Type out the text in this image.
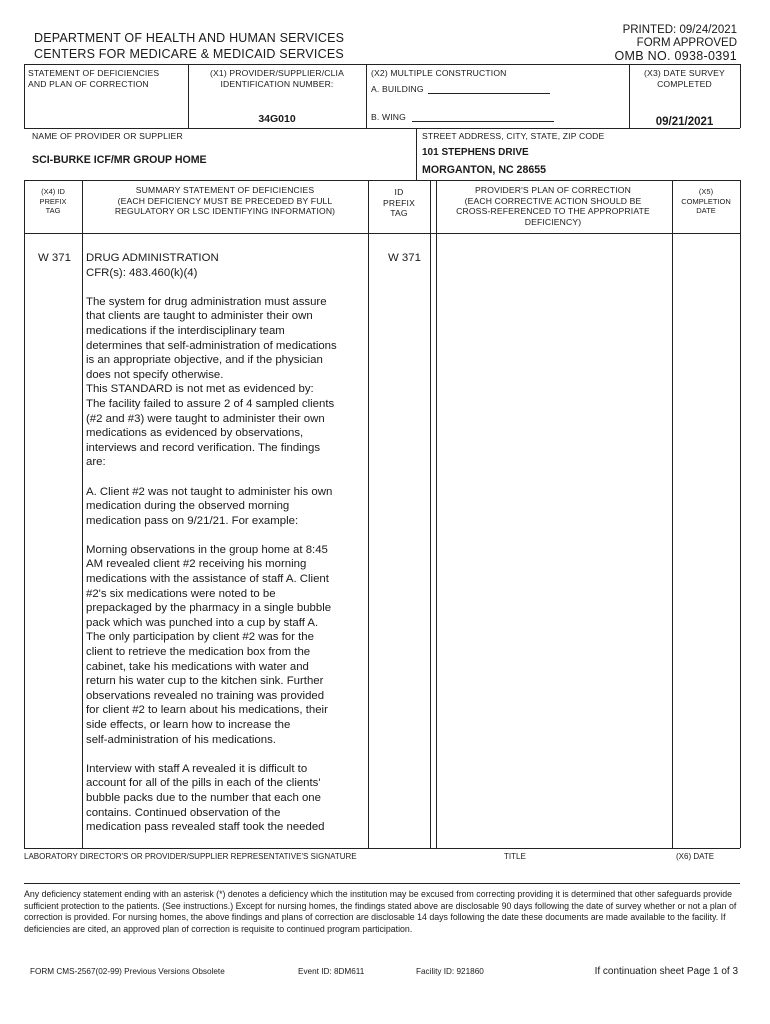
DEPARTMENT OF HEALTH AND HUMAN SERVICES
CENTERS FOR MEDICARE & MEDICAID SERVICES
PRINTED: 09/24/2021
FORM APPROVED
OMB NO. 0938-0391
STATEMENT OF DEFICIENCIES
AND PLAN OF CORRECTION
(X1) PROVIDER/SUPPLIER/CLIA
IDENTIFICATION NUMBER:
34G010
(X2) MULTIPLE CONSTRUCTION
A. BUILDING
B. WING
(X3) DATE SURVEY
COMPLETED
09/21/2021
NAME OF PROVIDER OR SUPPLIER
SCI-BURKE ICF/MR GROUP HOME
STREET ADDRESS, CITY, STATE, ZIP CODE
101 STEPHENS DRIVE
MORGANTON, NC 28655
(X4) ID
PREFIX
TAG
SUMMARY STATEMENT OF DEFICIENCIES
(EACH DEFICIENCY MUST BE PRECEDED BY FULL
REGULATORY OR LSC IDENTIFYING INFORMATION)
ID
PREFIX
TAG
PROVIDER'S PLAN OF CORRECTION
(EACH CORRECTIVE ACTION SHOULD BE
CROSS-REFERENCED TO THE APPROPRIATE
DEFICIENCY)
(X5)
COMPLETION
DATE
W 371	W 371
DRUG ADMINISTRATION
CFR(s): 483.460(k)(4)
The system for drug administration must assure
that clients are taught to administer their own
medications if the interdisciplinary team
determines that self-administration of medications
is an appropriate objective, and if the physician
does not specify otherwise.
This STANDARD is not met as evidenced by:
The facility failed to assure 2 of 4 sampled clients
(#2 and #3) were taught to administer their own
medications as evidenced by observations,
interviews and record verification. The findings
are:
A. Client #2 was not taught to administer his own
medication during the observed morning
medication pass on 9/21/21. For example:
Morning observations in the group home at 8:45
AM revealed client #2 receiving his morning
medications with the assistance of staff A. Client
#2's six medications were noted to be
prepackaged by the pharmacy in a single bubble
pack which was punched into a cup by staff A.
The only participation by client #2 was for the
client to retrieve the medication box from the
cabinet, take his medications with water and
return his water cup to the kitchen sink. Further
observations revealed no training was provided
for client #2 to learn about his medications, their
side effects, or learn how to increase the
self-administration of his medications.
Interview with staff A revealed it is difficult to
account for all of the pills in each of the clients'
bubble packs due to the number that each one
contains. Continued observation of the
medication pass revealed staff took the needed
LABORATORY DIRECTOR'S OR PROVIDER/SUPPLIER REPRESENTATIVE'S SIGNATURE	TITLE	(X6) DATE
Any deficiency statement ending with an asterisk (*) denotes a deficiency which the institution may be excused from correcting providing it is determined that other safeguards provide sufficient protection to the patients. (See instructions.) Except for nursing homes, the findings stated above are disclosable 90 days following the date of survey whether or not a plan of correction is provided. For nursing homes, the above findings and plans of correction are disclosable 14 days following the date these documents are made available to the facility. If deficiencies are cited, an approved plan of correction is requisite to continued program participation.
FORM CMS-2567(02-99) Previous Versions Obsolete	Event ID: 8DM611	Facility ID: 921860	If continuation sheet Page 1 of 3
